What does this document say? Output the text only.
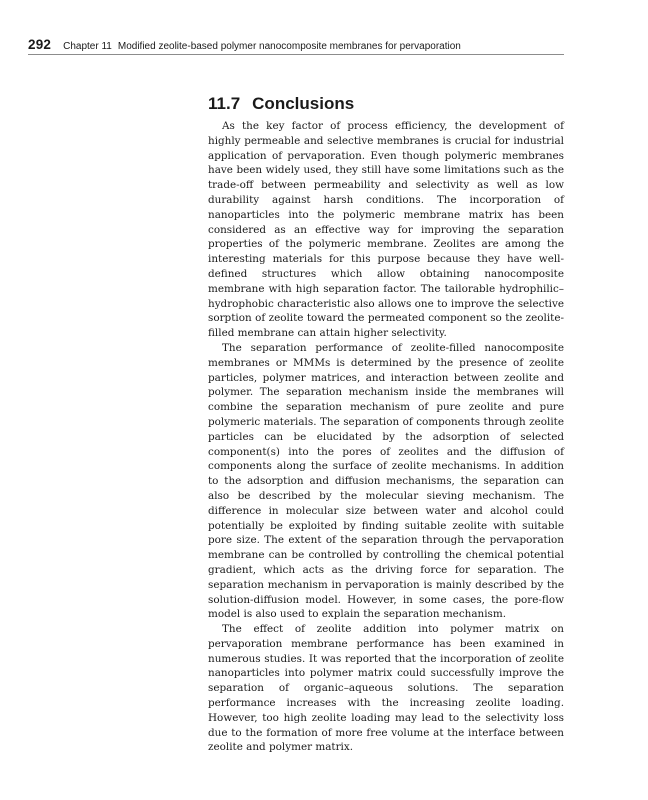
292 Chapter 11 Modified zeolite-based polymer nanocomposite membranes for pervaporation
11.7 Conclusions

As the key factor of process efficiency, the development of highly permeable and selective membranes is crucial for industrial application of pervaporation. Even though polymeric membranes have been widely used, they still have some limitations such as the trade-off between permeability and selectivity as well as low durability against harsh conditions. The incorporation of nanoparticles into the polymeric membrane matrix has been considered as an effective way for improving the separation properties of the polymeric membrane. Zeolites are among the interesting materials for this purpose because they have well-defined structures which allow obtaining nanocomposite membrane with high separation factor. The tailorable hydrophilic–hydrophobic characteristic also allows one to improve the selective sorption of zeolite toward the permeated component so the zeolite-filled membrane can attain higher selectivity.

The separation performance of zeolite-filled nanocomposite membranes or MMMs is determined by the presence of zeolite particles, polymer matrices, and interaction between zeolite and polymer. The separation mechanism inside the membranes will combine the separation mechanism of pure zeolite and pure polymeric materials. The separation of components through zeolite particles can be elucidated by the adsorption of selected component(s) into the pores of zeolites and the diffusion of components along the surface of zeolite mechanisms. In addition to the adsorption and diffusion mechanisms, the separation can also be described by the molecular sieving mechanism. The difference in molecular size between water and alcohol could potentially be exploited by finding suitable zeolite with suitable pore size. The extent of the separation through the pervaporation membrane can be controlled by controlling the chemical potential gradient, which acts as the driving force for separation. The separation mechanism in pervaporation is mainly described by the solution-diffusion model. However, in some cases, the pore-flow model is also used to explain the separation mechanism.

The effect of zeolite addition into polymer matrix on pervaporation membrane performance has been examined in numerous studies. It was reported that the incorporation of zeolite nanoparticles into polymer matrix could successfully improve the separation of organic–aqueous solutions. The separation performance increases with the increasing zeolite loading. However, too high zeolite loading may lead to the selectivity loss due to the formation of more free volume at the interface between zeolite and polymer matrix.
